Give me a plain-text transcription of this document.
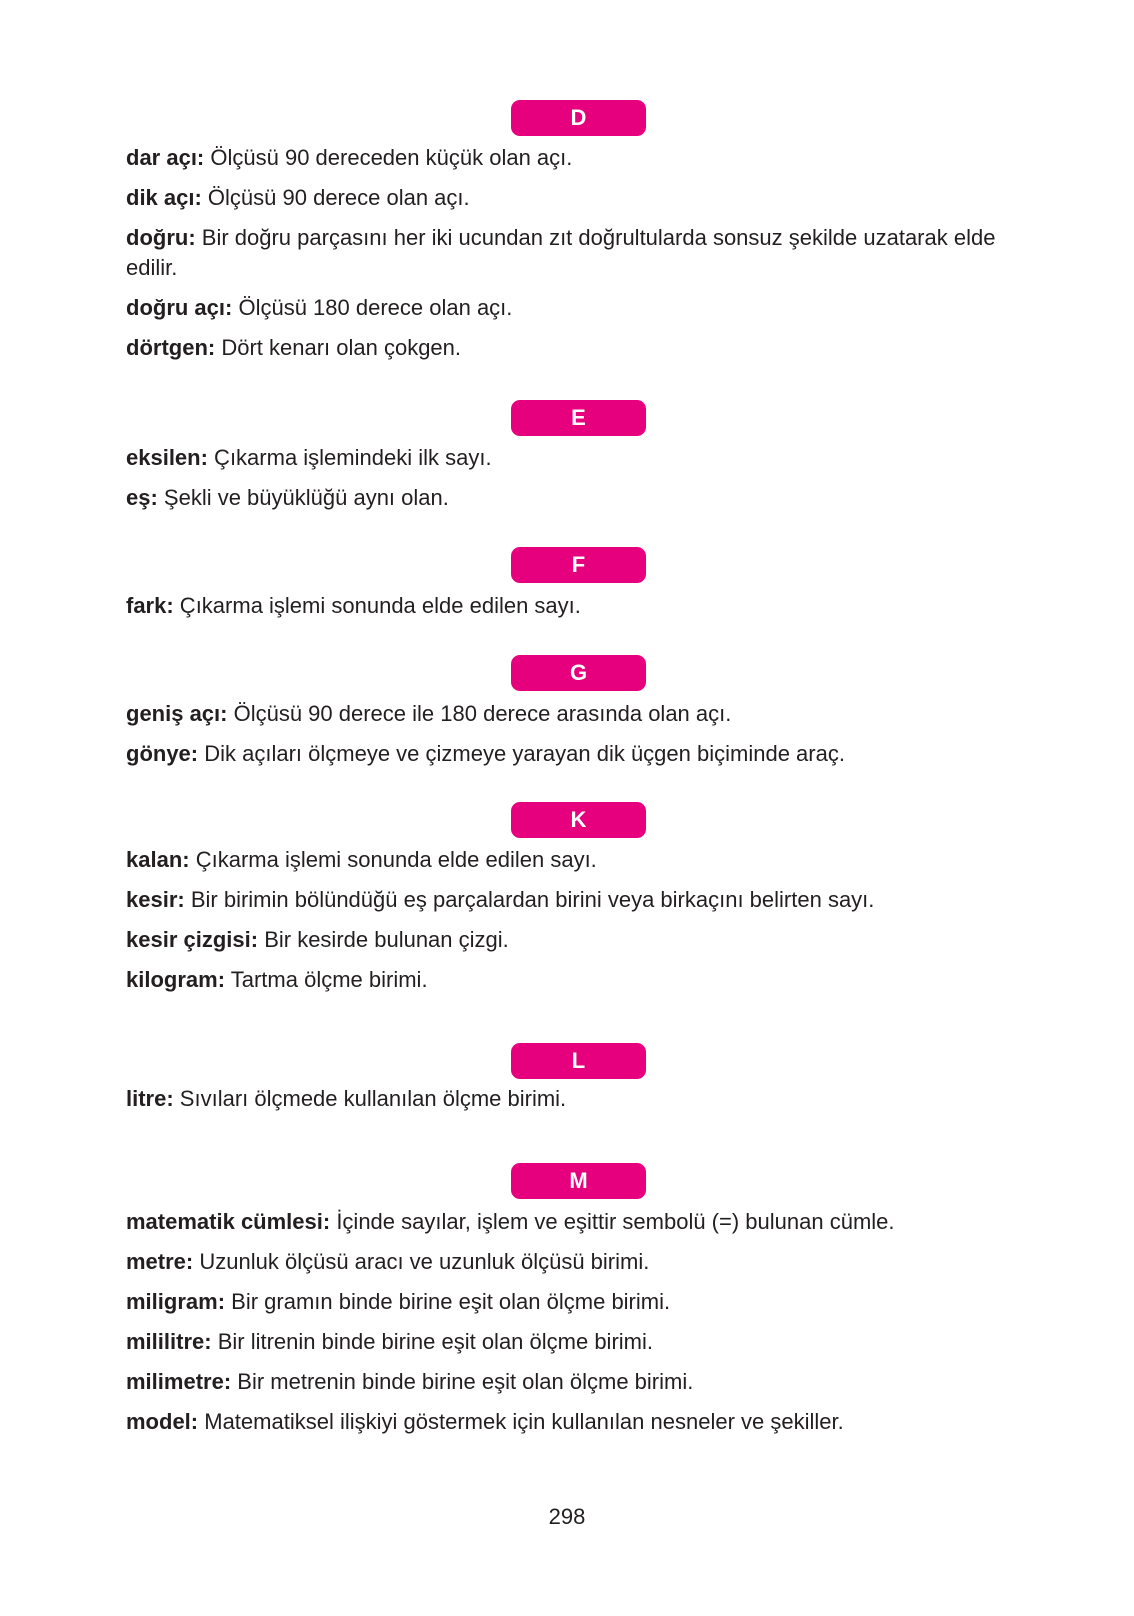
D
dar açı: Ölçüsü 90 dereceden küçük olan açı.
dik açı: Ölçüsü 90 derece olan açı.
doğru: Bir doğru parçasını her iki ucundan zıt doğrultularda sonsuz şekilde uzatarak elde edilir.
doğru açı: Ölçüsü 180 derece olan açı.
dörtgen: Dört kenarı olan çokgen.
E
eksilen: Çıkarma işlemindeki ilk sayı.
eş: Şekli ve büyüklüğü aynı olan.
F
fark: Çıkarma işlemi sonunda elde edilen sayı.
G
geniş açı: Ölçüsü 90 derece ile 180 derece arasında olan açı.
gönye: Dik açıları ölçmeye ve çizmeye yarayan dik üçgen biçiminde araç.
K
kalan: Çıkarma işlemi sonunda elde edilen sayı.
kesir: Bir birimin bölündüğü eş parçalardan birini veya birkaçını belirten sayı.
kesir çizgisi: Bir kesirde bulunan çizgi.
kilogram: Tartma ölçme birimi.
L
litre: Sıvıları ölçmede kullanılan ölçme birimi.
M
matematik cümlesi: İçinde sayılar, işlem ve eşittir sembolü (=) bulunan cümle.
metre: Uzunluk ölçüsü aracı ve uzunluk ölçüsü birimi.
miligram: Bir gramın binde birine eşit olan ölçme birimi.
mililitre: Bir litrenin binde birine eşit olan ölçme birimi.
milimetre: Bir metrenin binde birine eşit olan ölçme birimi.
model: Matematiksel ilişkiyi göstermek için kullanılan nesneler ve şekiller.
298
